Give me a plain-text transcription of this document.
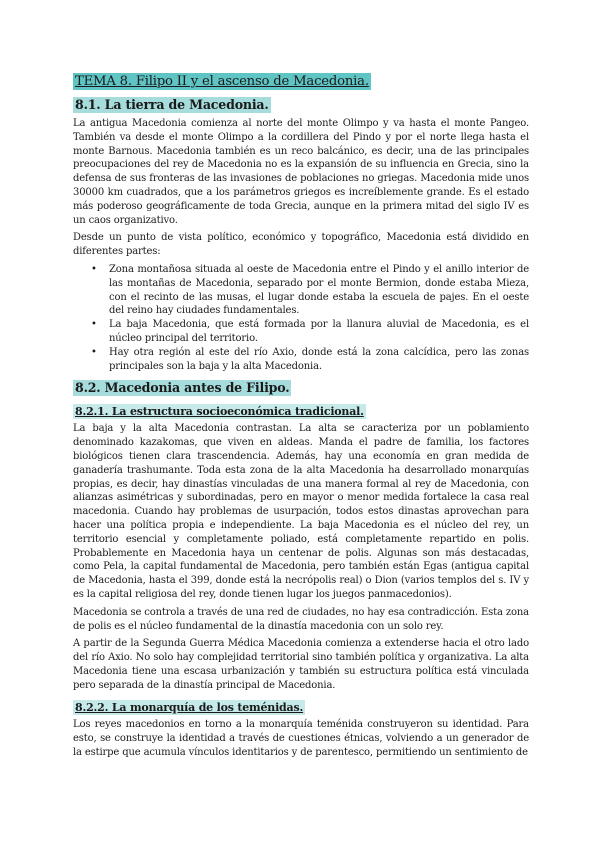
TEMA 8. Filipo II y el ascenso de Macedonia.
8.1. La tierra de Macedonia.

La antigua Macedonia comienza al norte del monte Olimpo y va hasta el monte Pangeo. También va desde el monte Olimpo a la cordillera del Pindo y por el norte llega hasta el monte Barnous. Macedonia también es un reco balcánico, es decir, una de las principales preocupaciones del rey de Macedonia no es la expansión de su influencia en Grecia, sino la defensa de sus fronteras de las invasiones de poblaciones no griegas. Macedonia mide unos 30000 km cuadrados, que a los parámetros griegos es increíblemente grande. Es el estado más poderoso geográficamente de toda Grecia, aunque en la primera mitad del siglo IV es un caos organizativo.

Desde un punto de vista político, económico y topográfico, Macedonia está dividido en diferentes partes:

• Zona montañosa situada al oeste de Macedonia entre el Pindo y el anillo interior de las montañas de Macedonia, separado por el monte Bermion, donde estaba Mieza, con el recinto de las musas, el lugar donde estaba la escuela de pajes. En el oeste del reino hay ciudades fundamentales.
• La baja Macedonia, que está formada por la llanura aluvial de Macedonia, es el núcleo principal del territorio.
• Hay otra región al este del río Axio, donde está la zona calcídica, pero las zonas principales son la baja y la alta Macedonia.
8.2. Macedonia antes de Filipo.
8.2.1. La estructura socioeconómica tradicional.

La baja y la alta Macedonia contrastan. La alta se caracteriza por un poblamiento denominado kazakomas, que viven en aldeas. Manda el padre de familia, los factores biológicos tienen clara trascendencia. Además, hay una economía en gran medida de ganadería trashumante. Toda esta zona de la alta Macedonia ha desarrollado monarquías propias, es decir, hay dinastías vinculadas de una manera formal al rey de Macedonia, con alianzas asimétricas y subordinadas, pero en mayor o menor medida fortalece la casa real macedonia. Cuando hay problemas de usurpación, todos estos dinastas aprovechan para hacer una política propia e independiente. La baja Macedonia es el núcleo del rey, un territorio esencial y completamente poliado, está completamente repartido en polis. Probablemente en Macedonia haya un centenar de polis. Algunas son más destacadas, como Pela, la capital fundamental de Macedonia, pero también están Egas (antigua capital de Macedonia, hasta el 399, donde está la necrópolis real) o Dion (varios templos del s. IV y es la capital religiosa del rey, donde tienen lugar los juegos panmacedonios).

Macedonia se controla a través de una red de ciudades, no hay esa contradicción. Esta zona de polis es el núcleo fundamental de la dinastía macedonia con un solo rey.

A partir de la Segunda Guerra Médica Macedonia comienza a extenderse hacia el otro lado del río Axio. No solo hay complejidad territorial sino también política y organizativa. La alta Macedonia tiene una escasa urbanización y también su estructura política está vinculada pero separada de la dinastía principal de Macedonia.

8.2.2. La monarquía de los teménidas.

Los reyes macedonios en torno a la monarquía teménida construyeron su identidad. Para esto, se construye la identidad a través de cuestiones étnicas, volviendo a un generador de la estirpe que acumula vínculos identitarios y de parentesco, permitiendo un sentimiento de
